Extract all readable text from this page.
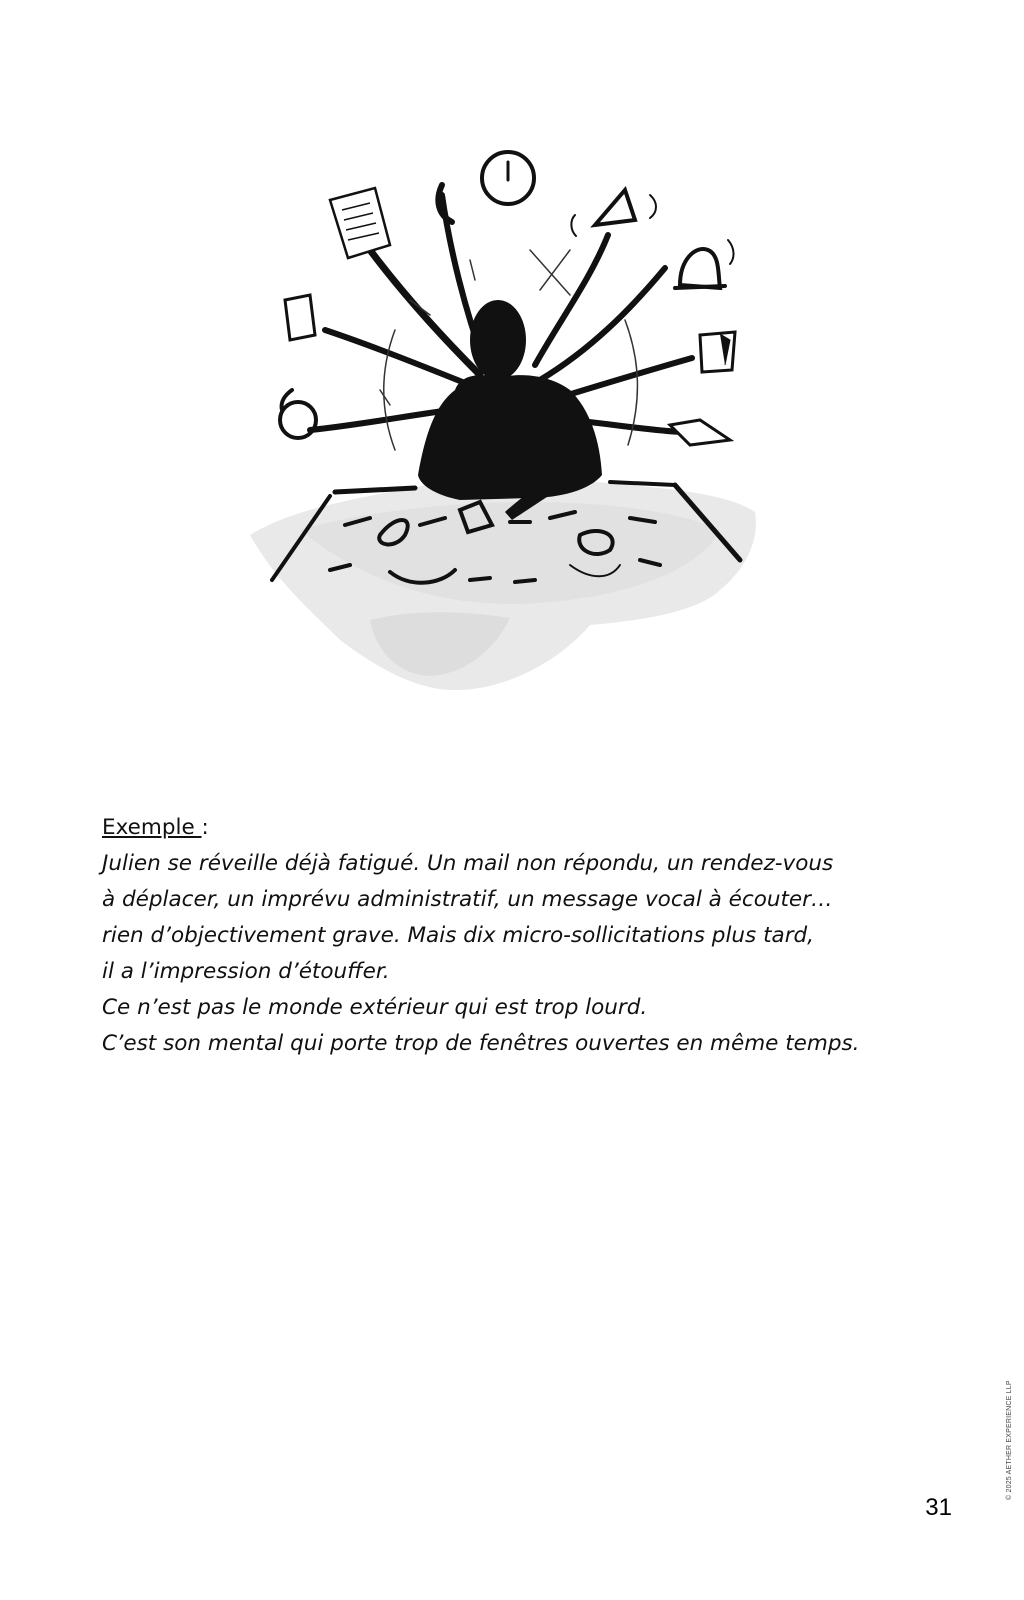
Exemple :
Julien se réveille déjà fatigué. Un mail non répondu, un rendez-vous
à déplacer, un imprévu administratif, un message vocal à écouter…
rien d’objectivement grave. Mais dix micro-sollicitations plus tard,
il a l’impression d’étouffer.
Ce n’est pas le monde extérieur qui est trop lourd.
C’est son mental qui porte trop de fenêtres ouvertes en même temps.
© 2025 AETHER EXPERIENCE LLP
31
